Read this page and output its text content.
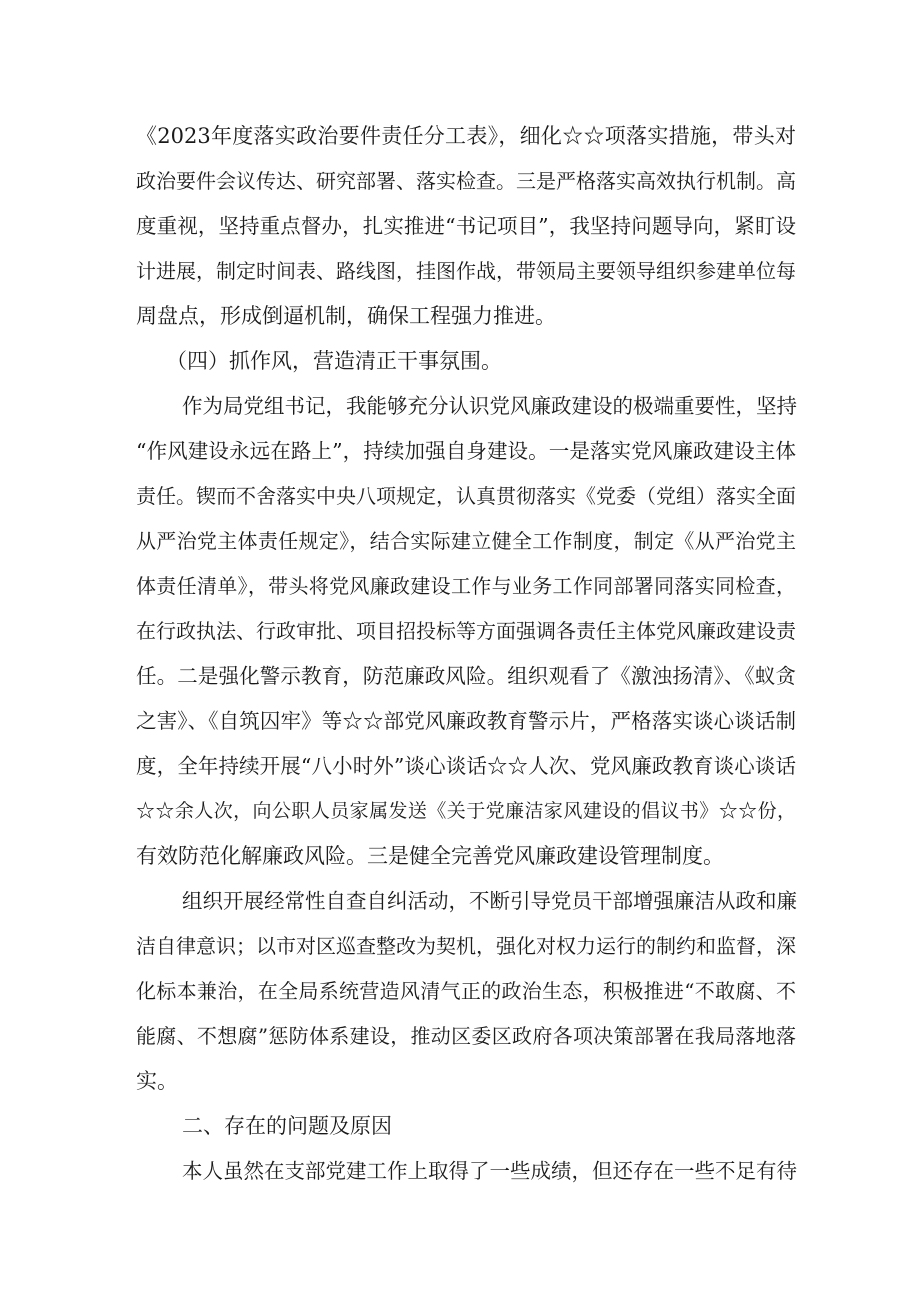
《2023年度落实政治要件责任分工表》，细化☆☆项落实措施，带头对
政治要件会议传达、研究部署、落实检查。三是严格落实高效执行机制。高
度重视，坚持重点督办，扎实推进“书记项目”，我坚持问题导向，紧盯设
计进展，制定时间表、路线图，挂图作战，带领局主要领导组织参建单位每
周盘点，形成倒逼机制，确保工程强力推进。
（四）抓作风，营造清正干事氛围。
作为局党组书记，我能够充分认识党风廉政建设的极端重要性，坚持
“作风建设永远在路上”，持续加强自身建设。一是落实党风廉政建设主体
责任。锲而不舍落实中央八项规定，认真贯彻落实《党委（党组）落实全面
从严治党主体责任规定》，结合实际建立健全工作制度，制定《从严治党主
体责任清单》，带头将党风廉政建设工作与业务工作同部署同落实同检查，
在行政执法、行政审批、项目招投标等方面强调各责任主体党风廉政建设责
任。二是强化警示教育，防范廉政风险。组织观看了《激浊扬清》、《蚁贪
之害》、《自筑囚牢》等☆☆部党风廉政教育警示片，严格落实谈心谈话制
度，全年持续开展“八小时外”谈心谈话☆☆人次、党风廉政教育谈心谈话
☆☆余人次，向公职人员家属发送《关于党廉洁家风建设的倡议书》☆☆份，
有效防范化解廉政风险。三是健全完善党风廉政建设管理制度。
组织开展经常性自查自纠活动，不断引导党员干部增强廉洁从政和廉
洁自律意识；以市对区巡查整改为契机，强化对权力运行的制约和监督，深
化标本兼治，在全局系统营造风清气正的政治生态，积极推进“不敢腐、不
能腐、不想腐”惩防体系建设，推动区委区政府各项决策部署在我局落地落
实。
二、存在的问题及原因
本人虽然在支部党建工作上取得了一些成绩，但还存在一些不足有待
